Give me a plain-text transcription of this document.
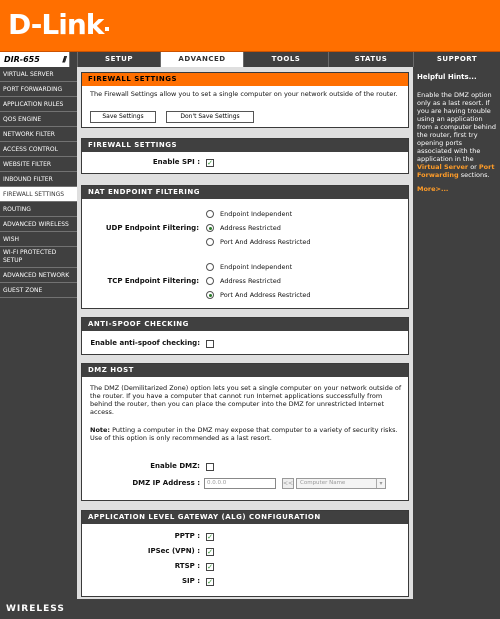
D-Link
DIR-655	///	SETUP	ADVANCED	TOOLS	STATUS	SUPPORT
VIRTUAL SERVER
PORT FORWARDING
APPLICATION RULES
QOS ENGINE
NETWORK FILTER
ACCESS CONTROL
WEBSITE FILTER
INBOUND FILTER
FIREWALL SETTINGS
ROUTING
ADVANCED WIRELESS
WISH
WI-FI PROTECTED SETUP
ADVANCED NETWORK
GUEST ZONE
FIREWALL SETTINGS
The Firewall Settings allow you to set a single computer on your network outside of the router.
Save Settings	Don't Save Settings
FIREWALL SETTINGS
Enable SPI : ✓
NAT ENDPOINT FILTERING
UDP Endpoint Filtering:
Endpoint Independent
Address Restricted
Port And Address Restricted
TCP Endpoint Filtering:
Endpoint Independent
Address Restricted
Port And Address Restricted
ANTI-SPOOF CHECKING
Enable anti-spoof checking:
DMZ HOST
The DMZ (Demilitarized Zone) option lets you set a single computer on your network outside of the router. If you have a computer that cannot run Internet applications successfully from behind the router, then you can place the computer into the DMZ for unrestricted Internet access.
Note: Putting a computer in the DMZ may expose that computer to a variety of security risks. Use of this option is only recommended as a last resort.
Enable DMZ:
DMZ IP Address :	0.0.0.0	<<	Computer Name	▾
APPLICATION LEVEL GATEWAY (ALG) CONFIGURATION
PPTP : ✓
IPSec (VPN) : ✓
RTSP : ✓
SIP : ✓
Helpful Hints...
Enable the DMZ option only as a last resort. If you are having trouble using an application from a computer behind the router, first try opening ports associated with the application in the Virtual Server or Port Forwarding sections.
More>...
WIRELESS
